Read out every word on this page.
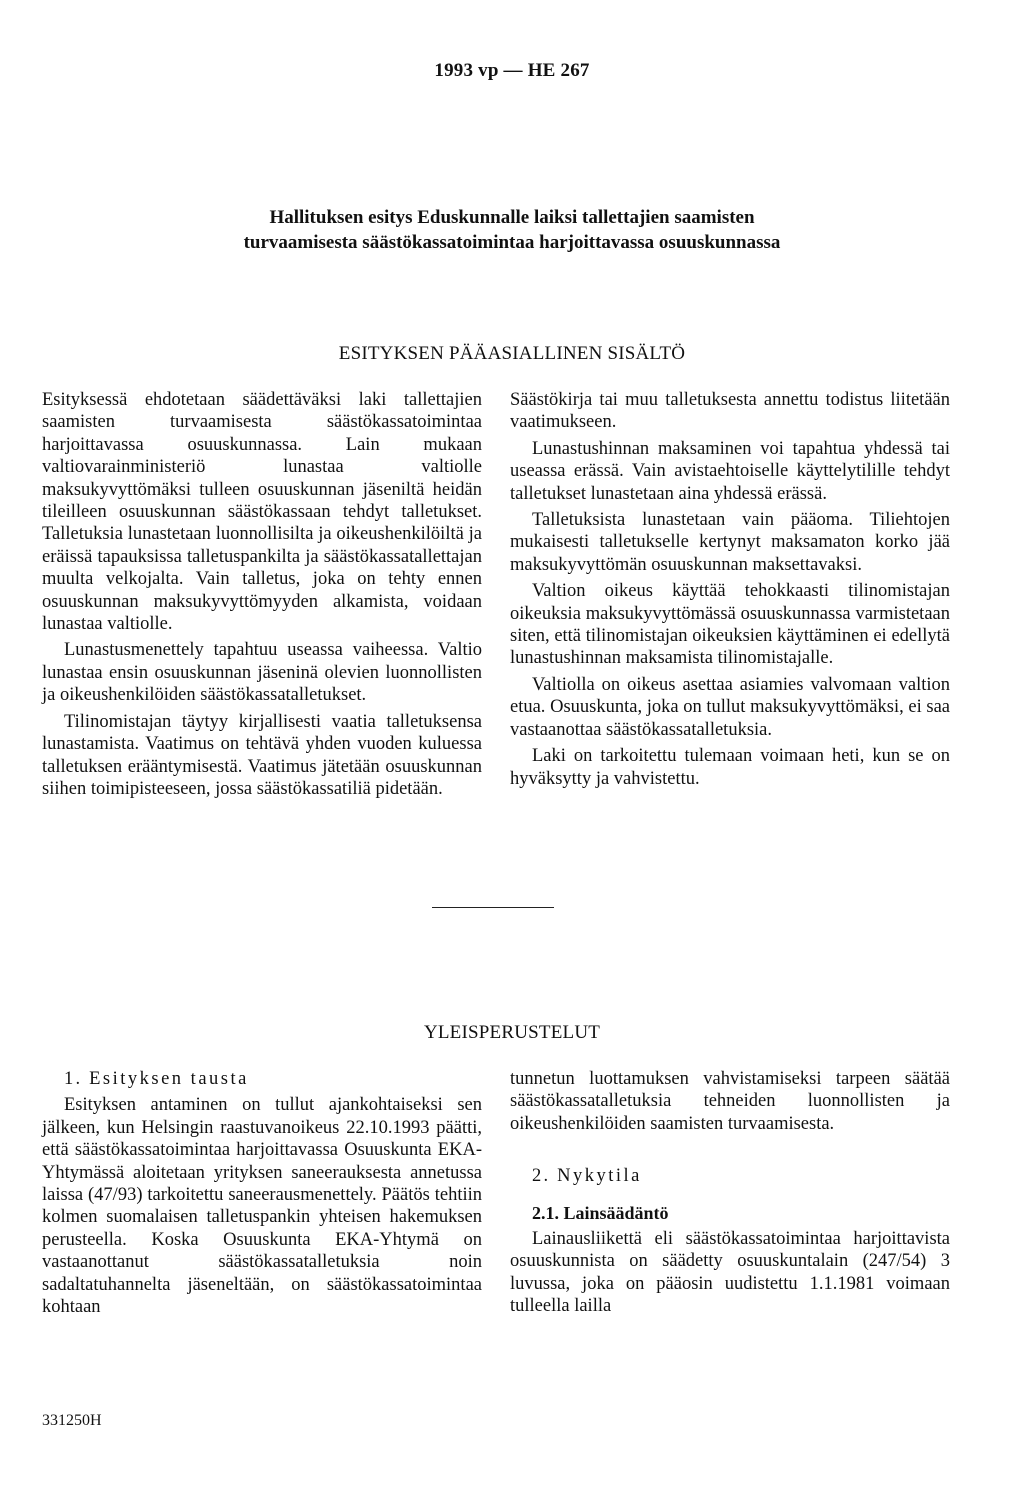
1993 vp — HE 267
Hallituksen esitys Eduskunnalle laiksi tallettajien saamisten
turvaamisesta säästökassatoimintaa harjoittavassa osuuskunnassa
ESITYKSEN PÄÄASIALLINEN SISÄLTÖ

Esityksessä ehdotetaan säädettäväksi laki tallettajien saamisten turvaamisesta säästökassatoimintaa harjoittavassa osuuskunnassa. Lain mukaan valtiovarainministeriö lunastaa valtiolle maksukyvyttömäksi tulleen osuuskunnan jäseniltä heidän tileilleen osuuskunnan säästökassaan tehdyt talletukset. Talletuksia lunastetaan luonnollisilta ja oikeushenkilöiltä ja eräissä tapauksissa talletuspankilta ja säästökassatallettajan muulta velkojalta. Vain talletus, joka on tehty ennen osuuskunnan maksukyvyttömyyden alkamista, voidaan lunastaa valtiolle.

Lunastusmenettely tapahtuu useassa vaiheessa. Valtio lunastaa ensin osuuskunnan jäseninä olevien luonnollisten ja oikeushenkilöiden säästökassatalletukset.

Tilinomistajan täytyy kirjallisesti vaatia talletuksensa lunastamista. Vaatimus on tehtävä yhden vuoden kuluessa talletuksen erääntymisestä. Vaatimus jätetään osuuskunnan siihen toimipisteeseen, jossa säästökassatiliä pidetään.

Säästökirja tai muu talletuksesta annettu todistus liitetään vaatimukseen.

Lunastushinnan maksaminen voi tapahtua yhdessä tai useassa erässä. Vain avistaehtoiselle käyttelytilille tehdyt talletukset lunastetaan aina yhdessä erässä.

Talletuksista lunastetaan vain pääoma. Tiliehtojen mukaisesti talletukselle kertynyt maksamaton korko jää maksukyvyttömän osuuskunnan maksettavaksi.

Valtion oikeus käyttää tehokkaasti tilinomistajan oikeuksia maksukyvyttömässä osuuskunnassa varmistetaan siten, että tilinomistajan oikeuksien käyttäminen ei edellytä lunastushinnan maksamista tilinomistajalle.

Valtiolla on oikeus asettaa asiamies valvomaan valtion etua. Osuuskunta, joka on tullut maksukyvyttömäksi, ei saa vastaanottaa säästökassatalletuksia.

Laki on tarkoitettu tulemaan voimaan heti, kun se on hyväksytty ja vahvistettu.

YLEISPERUSTELUT

1. Esityksen tausta

Esityksen antaminen on tullut ajankohtaiseksi sen jälkeen, kun Helsingin raastuvanoikeus 22.10.1993 päätti, että säästökassatoimintaa harjoittavassa Osuuskunta EKA-Yhtymässä aloitetaan yrityksen saneerauksesta annetussa laissa (47/93) tarkoitettu saneerausmenettely. Päätös tehtiin kolmen suomalaisen talletuspankin yhteisen hakemuksen perusteella. Koska Osuuskunta EKA-Yhtymä on vastaanottanut säästökassatalletuksia noin sadaltatuhannelta jäseneltään, on säästökassatoimintaa kohtaan

tunnetun luottamuksen vahvistamiseksi tarpeen säätää säästökassatalletuksia tehneiden luonnollisten ja oikeushenkilöiden saamisten turvaamisesta.

2. Nykytila

2.1. Lainsäädäntö

Lainausliikettä eli säästökassatoimintaa harjoittavista osuuskunnista on säädetty osuuskuntalain (247/54) 3 luvussa, joka on pääosin uudistettu 1.1.1981 voimaan tulleella lailla

331250H
